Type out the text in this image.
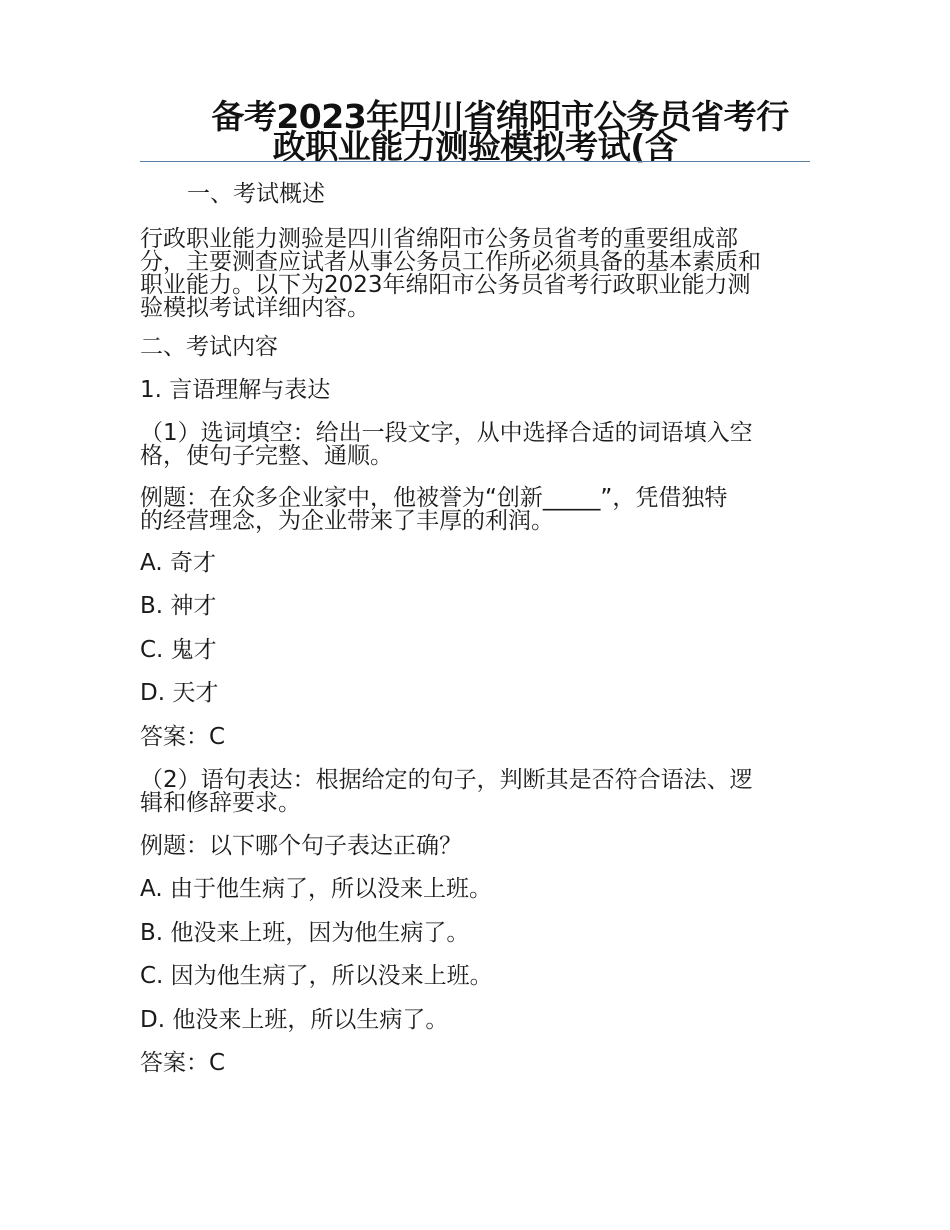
备考2023年四川省绵阳市公务员省考行
政职业能力测验模拟考试(含
一、考试概述
行政职业能力测验是四川省绵阳市公务员省考的重要组成部
分，主要测查应试者从事公务员工作所必须具备的基本素质和
职业能力。以下为2023年绵阳市公务员省考行政职业能力测
验模拟考试详细内容。
二、考试内容
1. 言语理解与表达
（1）选词填空：给出一段文字，从中选择合适的词语填入空
格，使句子完整、通顺。
例题：在众多企业家中，他被誉为“创新_____”，凭借独特
的经营理念，为企业带来了丰厚的利润。
A. 奇才
B. 神才
C. 鬼才
D. 天才
答案：C
（2）语句表达：根据给定的句子，判断其是否符合语法、逻
辑和修辞要求。
例题：以下哪个句子表达正确？
A. 由于他生病了，所以没来上班。
B. 他没来上班，因为他生病了。
C. 因为他生病了，所以没来上班。
D. 他没来上班，所以生病了。
答案：C
